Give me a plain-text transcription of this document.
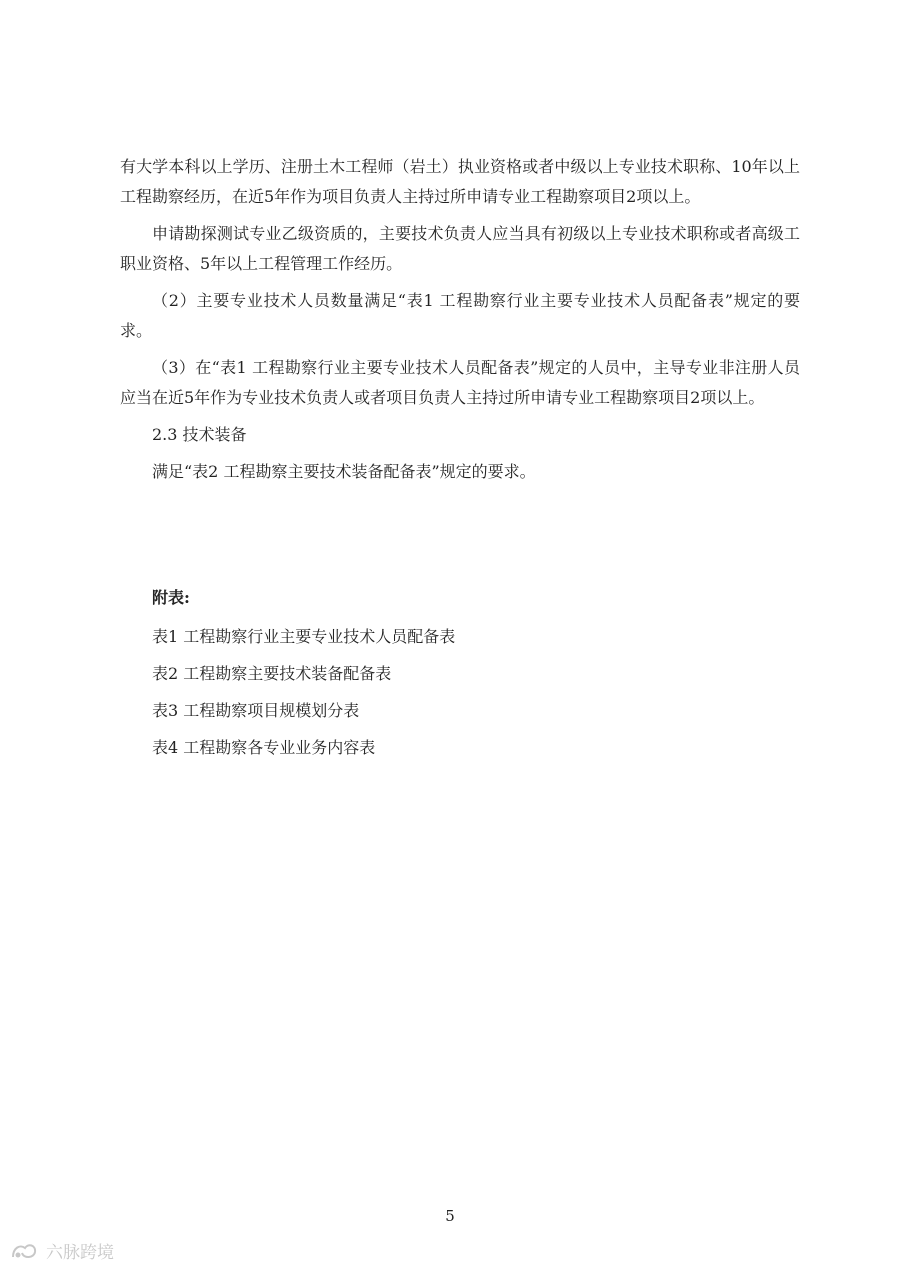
有大学本科以上学历、注册土木工程师（岩土）执业资格或者中级以上专业技术职称、10年以上工程勘察经历，在近5年作为项目负责人主持过所申请专业工程勘察项目2项以上。

申请勘探测试专业乙级资质的，主要技术负责人应当具有初级以上专业技术职称或者高级工职业资格、5年以上工程管理工作经历。

（2）主要专业技术人员数量满足“表1 工程勘察行业主要专业技术人员配备表”规定的要求。

（3）在“表1 工程勘察行业主要专业技术人员配备表”规定的人员中，主导专业非注册人员应当在近5年作为专业技术负责人或者项目负责人主持过所申请专业工程勘察项目2项以上。

2.3 技术装备

满足“表2 工程勘察主要技术装备配备表”规定的要求。

附表:
表1 工程勘察行业主要专业技术人员配备表
表2 工程勘察主要技术装备配备表
表3 工程勘察项目规模划分表
表4 工程勘察各专业业务内容表
5
六脉跨境
